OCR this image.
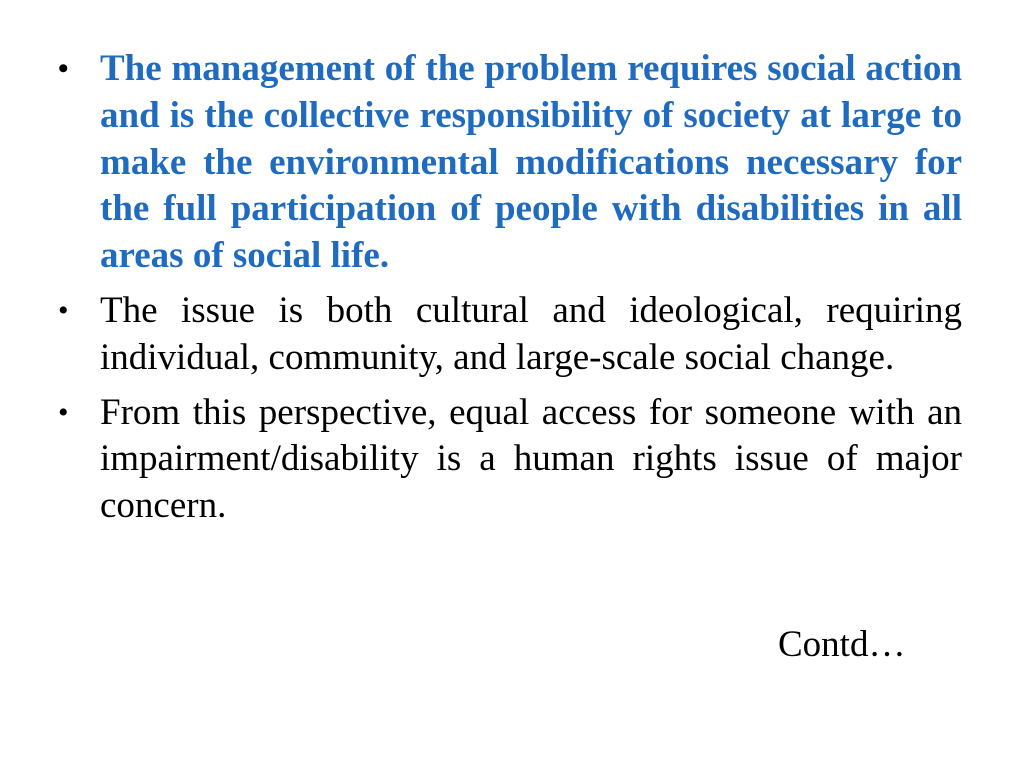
• The management of the problem requires social action and is the collective responsibility of society at large to make the environmental modifications necessary for the full participation of people with disabilities in all areas of social life.
• The issue is both cultural and ideological, requiring individual, community, and large-scale social change.
• From this perspective, equal access for someone with an impairment/disability is a human rights issue of major concern.
Contd…
